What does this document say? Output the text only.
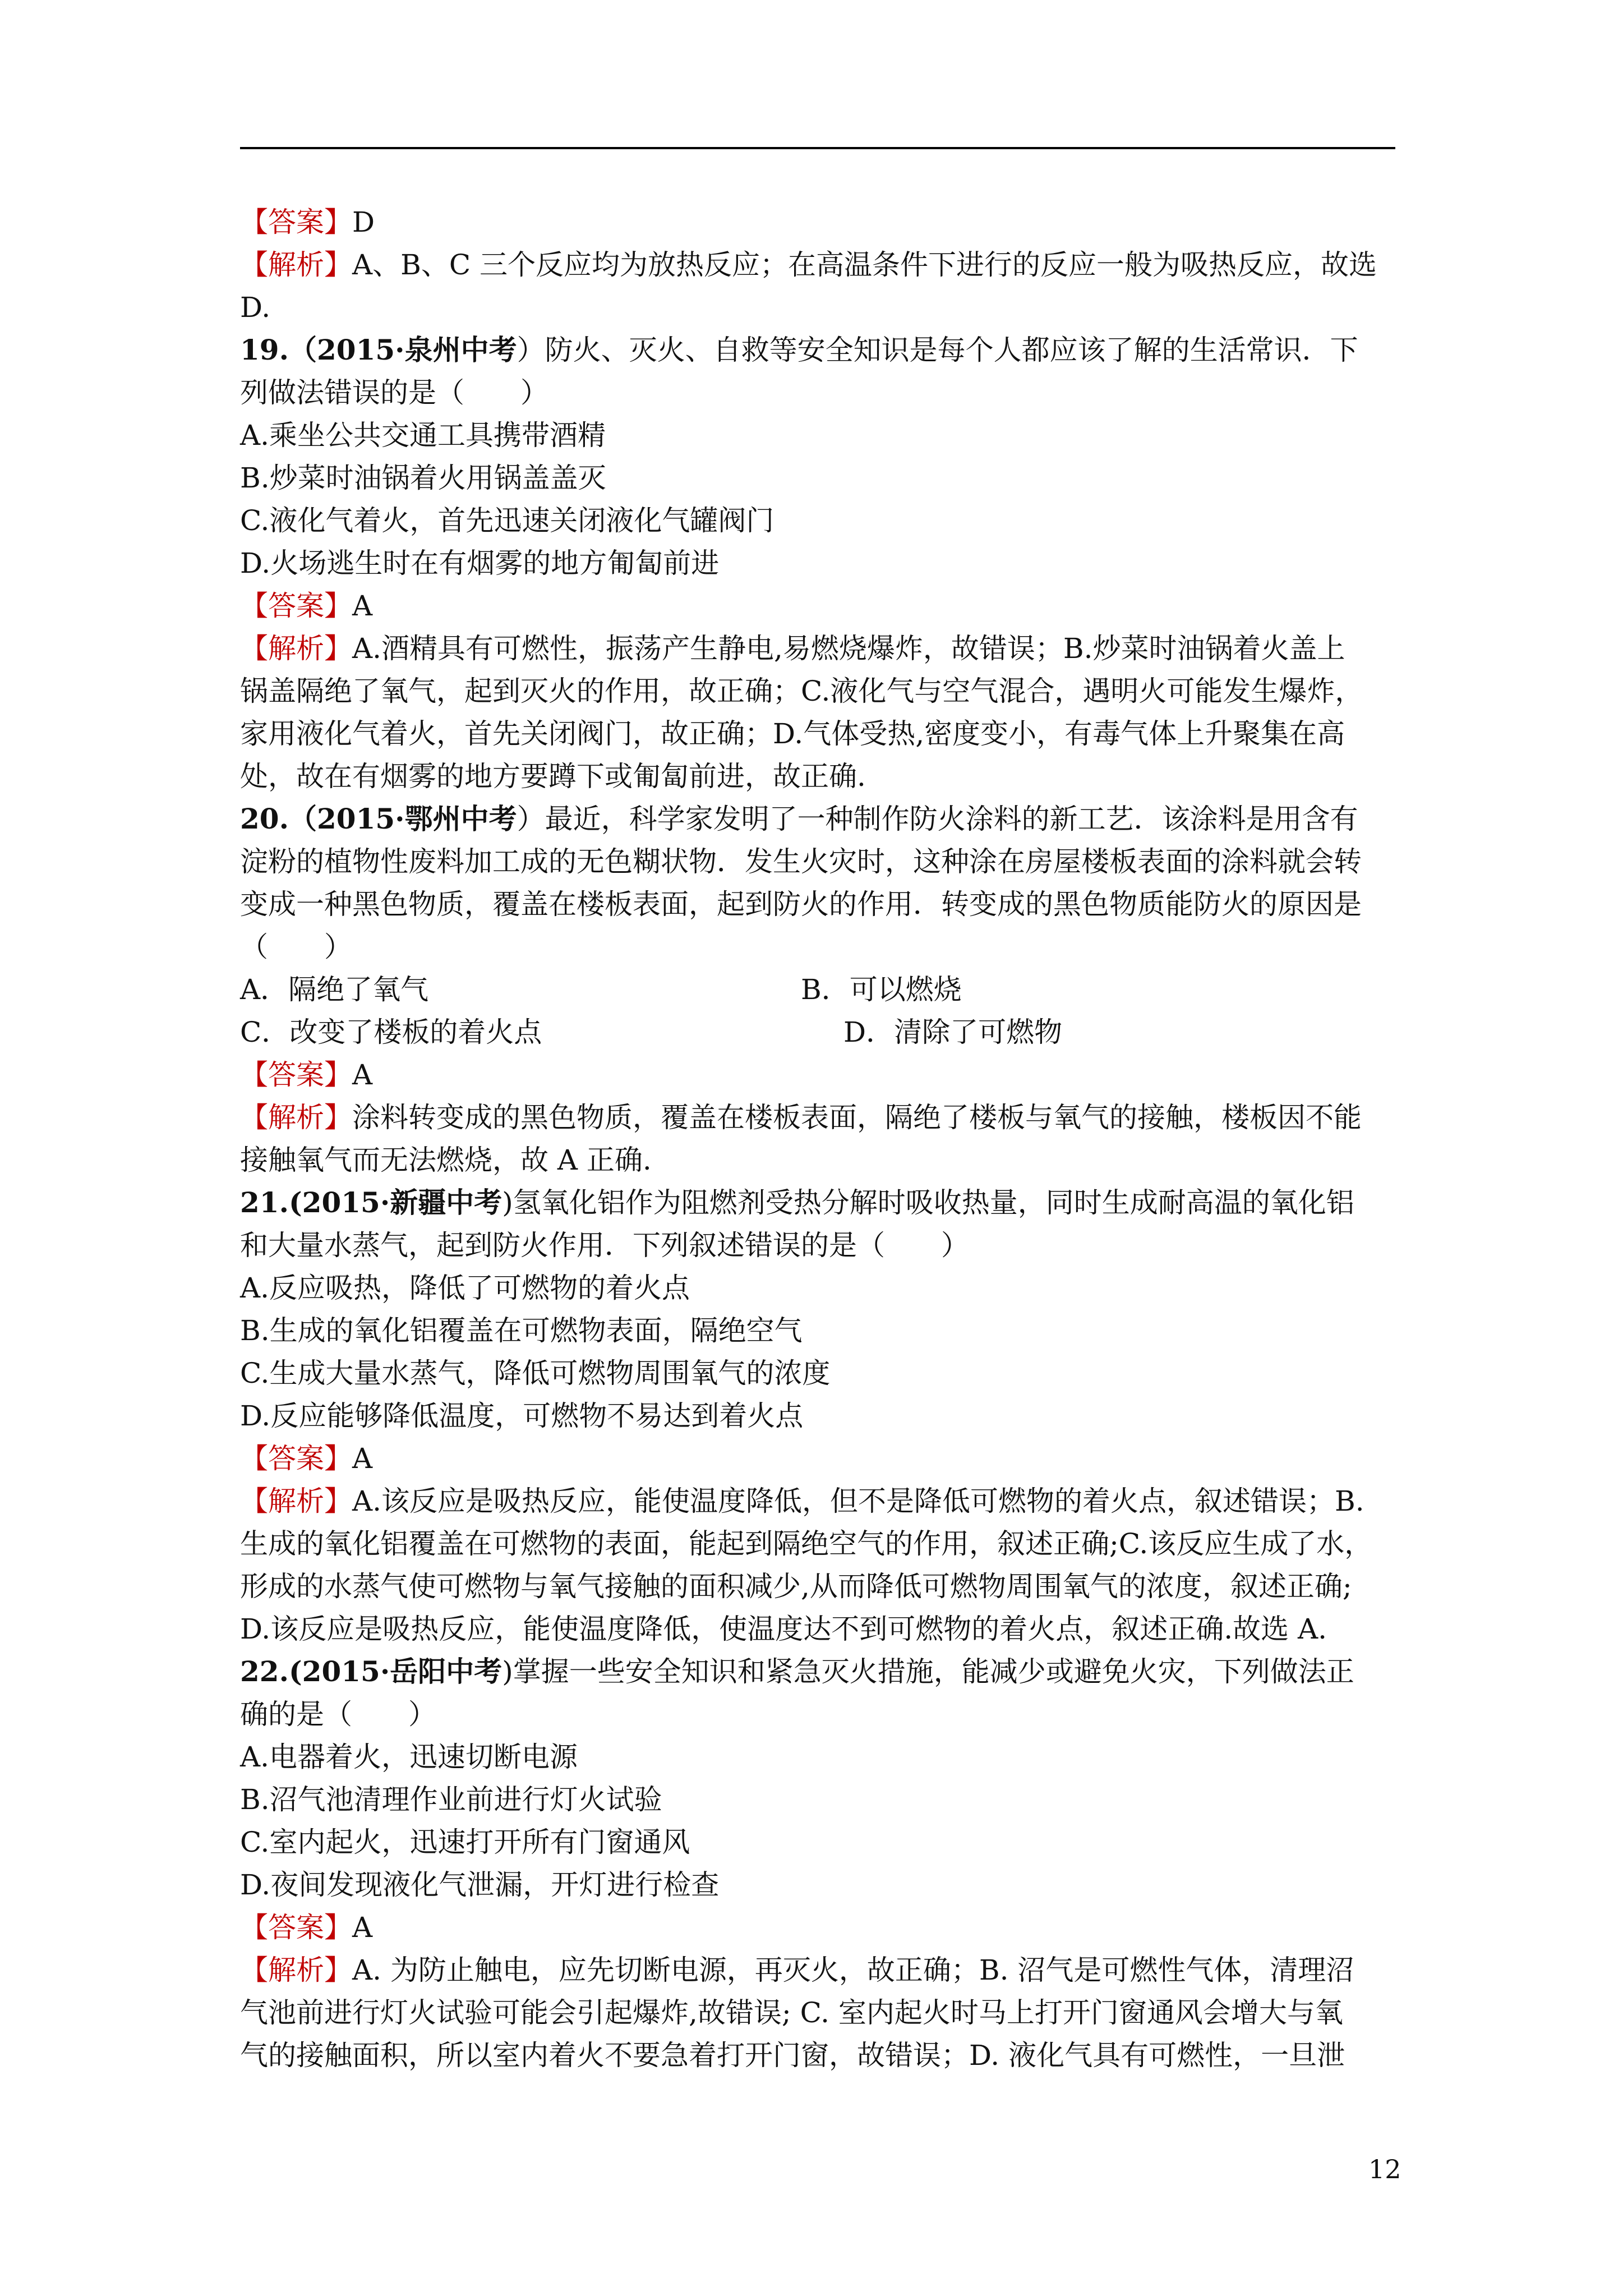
【答案】D
【解析】A、B、C 三个反应均为放热反应；在高温条件下进行的反应一般为吸热反应，故选
D.
19.（2015·泉州中考）防火、灭火、自救等安全知识是每个人都应该了解的生活常识．下
列做法错误的是（　　）
A.乘坐公共交通工具携带酒精
B.炒菜时油锅着火用锅盖盖灭
C.液化气着火，首先迅速关闭液化气罐阀门
D.火场逃生时在有烟雾的地方匍匐前进
【答案】A
【解析】A.酒精具有可燃性，振荡产生静电,易燃烧爆炸，故错误；B.炒菜时油锅着火盖上
锅盖隔绝了氧气，起到灭火的作用，故正确；C.液化气与空气混合，遇明火可能发生爆炸，
家用液化气着火，首先关闭阀门，故正确；D.气体受热,密度变小，有毒气体上升聚集在高
处，故在有烟雾的地方要蹲下或匍匐前进，故正确.
20.（2015·鄂州中考）最近，科学家发明了一种制作防火涂料的新工艺．该涂料是用含有
淀粉的植物性废料加工成的无色糊状物．发生火灾时，这种涂在房屋楼板表面的涂料就会转
变成一种黑色物质，覆盖在楼板表面，起到防火的作用．转变成的黑色物质能防火的原因是
（　　）
A．隔绝了氧气	B．可以燃烧
C．改变了楼板的着火点	D．清除了可燃物
【答案】A
【解析】涂料转变成的黑色物质，覆盖在楼板表面，隔绝了楼板与氧气的接触，楼板因不能
接触氧气而无法燃烧，故 A 正确.
21.(2015·新疆中考)氢氧化铝作为阻燃剂受热分解时吸收热量，同时生成耐高温的氧化铝
和大量水蒸气，起到防火作用．下列叙述错误的是（　　）
A.反应吸热，降低了可燃物的着火点
B.生成的氧化铝覆盖在可燃物表面，隔绝空气
C.生成大量水蒸气，降低可燃物周围氧气的浓度
D.反应能够降低温度，可燃物不易达到着火点
【答案】A
【解析】A.该反应是吸热反应，能使温度降低，但不是降低可燃物的着火点，叙述错误；B.
生成的氧化铝覆盖在可燃物的表面，能起到隔绝空气的作用，叙述正确;C.该反应生成了水，
形成的水蒸气使可燃物与氧气接触的面积减少,从而降低可燃物周围氧气的浓度，叙述正确;
D.该反应是吸热反应，能使温度降低，使温度达不到可燃物的着火点，叙述正确.故选 A.
22.(2015·岳阳中考)掌握一些安全知识和紧急灭火措施，能减少或避免火灾，下列做法正
确的是（　　）
A.电器着火，迅速切断电源
B.沼气池清理作业前进行灯火试验
C.室内起火，迅速打开所有门窗通风
D.夜间发现液化气泄漏，开灯进行检查
【答案】A
【解析】A. 为防止触电，应先切断电源，再灭火，故正确；B. 沼气是可燃性气体，清理沼
气池前进行灯火试验可能会引起爆炸,故错误; C. 室内起火时马上打开门窗通风会增大与氧
气的接触面积，所以室内着火不要急着打开门窗，故错误；D. 液化气具有可燃性，一旦泄
12
